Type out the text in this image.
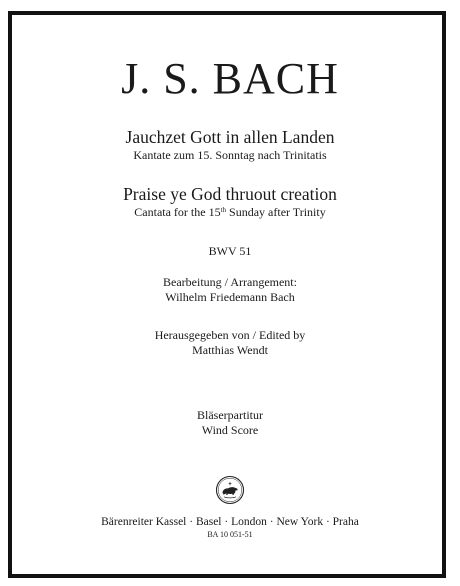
J. S. BACH
Jauchzet Gott in allen Landen
Kantate zum 15. Sonntag nach Trinitatis
Praise ye God thruout creation
Cantata for the 15th Sunday after Trinity
BWV 51
Bearbeitung / Arrangement:
Wilhelm Friedemann Bach
Herausgegeben von / Edited by
Matthias Wendt
Bläserpartitur
Wind Score
Bärenreiter Kassel · Basel · London · New York · Praha
BA 10 051-51
